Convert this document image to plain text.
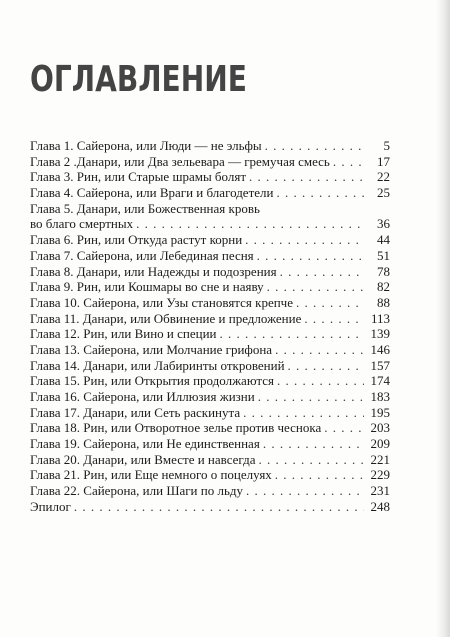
ОГЛАВЛЕНИЕ
Глава 1. Сайерона, или Люди — не эльфы . . .	5
Глава 2 .Данари, или Два зельевара — гремучая смесь . . .	17
Глава 3. Рин, или Старые шрамы болят . . .	22
Глава 4. Сайерона, или Враги и благодетели . . .	25
Глава 5. Данари, или Божественная кровь
во благо смертных . . .	36
Глава 6. Рин, или Откуда растут корни . . .	44
Глава 7. Сайерона, или Лебединая песня . . .	51
Глава 8. Данари, или Надежды и подозрения . . .	78
Глава 9. Рин, или Кошмары во сне и наяву . . .	82
Глава 10. Сайерона, или Узы становятся крепче . . .	88
Глава 11. Данари, или Обвинение и предложение . . .	113
Глава 12. Рин, или Вино и специи . . .	139
Глава 13. Сайерона, или Молчание грифона . . .	146
Глава 14. Данари, или Лабиринты откровений . . .	157
Глава 15. Рин, или Открытия продолжаются . . .	174
Глава 16. Сайерона, или Иллюзия жизни . . .	183
Глава 17. Данари, или Сеть раскинута . . .	195
Глава 18. Рин, или Отворотное зелье против чеснока . . .	203
Глава 19. Сайерона, или Не единственная . . .	209
Глава 20. Данари, или Вместе и навсегда . . .	221
Глава 21. Рин, или Еще немного о поцелуях . . .	229
Глава 22. Сайерона, или Шаги по льду . . .	231
Эпилог . . .	248
